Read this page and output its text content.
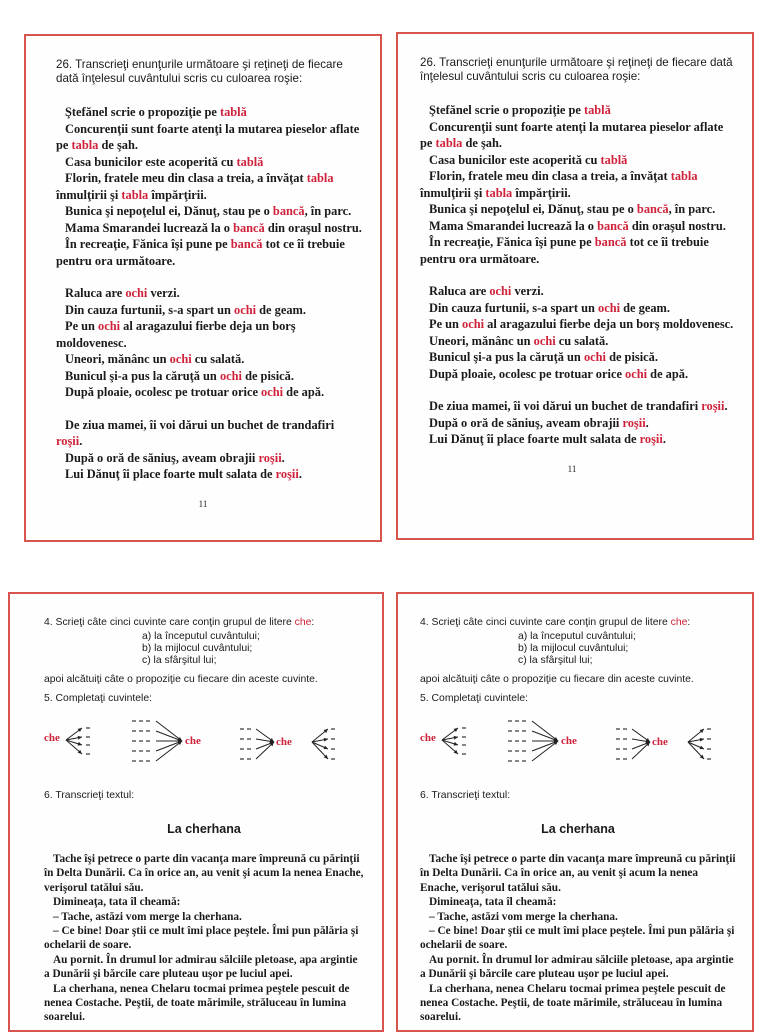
26. Transcrieţi enunţurile următoare şi reţineţi de fiecare dată înţelesul cuvântului scris cu culoarea roşie:

Ştefănel scrie o propoziţie pe tablă

Concurenţii sunt foarte atenţi la mutarea pieselor aflate pe tabla de şah.

Casa bunicilor este acoperită cu tablă

Florin, fratele meu din clasa a treia, a învăţat tabla înmulţirii şi tabla împărţirii.

Bunica şi nepoţelul ei, Dănuţ, stau pe o bancă, în parc.

Mama Smarandei lucrează la o bancă din oraşul nostru.

În recreaţie, Fănica îşi pune pe bancă tot ce îi trebuie pentru ora următoare.

Raluca are ochi verzi.

Din cauza furtunii, s-a spart un ochi de geam.

Pe un ochi al aragazului fierbe deja un borş moldovenesc.

Uneori, mănânc un ochi cu salată.

Bunicul şi-a pus la căruţă un ochi de pisică.

După ploaie, ocolesc pe trotuar orice ochi de apă.

De ziua mamei, îi voi dărui un buchet de trandafiri roşii.

După o oră de săniuş, aveam obrajii roşii.

Lui Dănuţ îi place foarte mult salata de roşii.

11

26. Transcrieţi enunţurile următoare şi reţineţi de fiecare dată înţelesul cuvântului scris cu culoarea roşie:

Ştefănel scrie o propoziţie pe tablă

Concurenţii sunt foarte atenţi la mutarea pieselor aflate pe tabla de şah.

Casa bunicilor este acoperită cu tablă

Florin, fratele meu din clasa a treia, a învăţat tabla înmulţirii şi tabla împărţirii.

Bunica şi nepoţelul ei, Dănuţ, stau pe o bancă, în parc.

Mama Smarandei lucrează la o bancă din oraşul nostru.

În recreaţie, Fănica îşi pune pe bancă tot ce îi trebuie pentru ora următoare.

Raluca are ochi verzi.

Din cauza furtunii, s-a spart un ochi de geam.

Pe un ochi al aragazului fierbe deja un borş moldovenesc.

Uneori, mănânc un ochi cu salată.

Bunicul şi-a pus la căruţă un ochi de pisică.

După ploaie, ocolesc pe trotuar orice ochi de apă.

De ziua mamei, îi voi dărui un buchet de trandafiri roşii.

După o oră de săniuş, aveam obrajii roşii.

Lui Dănuţ îi place foarte mult salata de roşii.

11

4. Scrieţi câte cinci cuvinte care conţin grupul de litere che:

a) la începutul cuvântului;
b) la mijlocul cuvântului;
c) la sfârşitul lui;

apoi alcătuiţi câte o propoziţie cu fiecare din aceste cuvinte.

5. Completaţi cuvintele:

che	che	che

6. Transcrieţi textul:

La cherhana

Tache îşi petrece o parte din vacanţa mare împreună cu părinţii în Delta Dunării. Ca în orice an, au venit şi acum la nenea Enache, verişorul tatălui său.

Dimineaţa, tata îl cheamă:

– Tache, astăzi vom merge la cherhana.

– Ce bine! Doar ştii ce mult îmi place peştele. Îmi pun pălăria şi ochelarii de soare.

Au pornit. În drumul lor admirau sălciile pletoase, apa argintie a Dunării şi bărcile care pluteau uşor pe luciul apei.

La cherhana, nenea Chelaru tocmai primea peştele pescuit de nenea Costache. Peştii, de toate mărimile, străluceau în lumina soarelui.

4. Scrieţi câte cinci cuvinte care conţin grupul de litere che:

a) la începutul cuvântului;
b) la mijlocul cuvântului;
c) la sfârşitul lui;

apoi alcătuiţi câte o propoziţie cu fiecare din aceste cuvinte.

5. Completaţi cuvintele:

che	che	che

6. Transcrieţi textul:

La cherhana

Tache îşi petrece o parte din vacanţa mare împreună cu părinţii în Delta Dunării. Ca în orice an, au venit şi acum la nenea Enache, verişorul tatălui său.

Dimineaţa, tata îl cheamă:

– Tache, astăzi vom merge la cherhana.

– Ce bine! Doar ştii ce mult îmi place peştele. Îmi pun pălăria şi ochelarii de soare.

Au pornit. În drumul lor admirau sălciile pletoase, apa argintie a Dunării şi bărcile care pluteau uşor pe luciul apei.

La cherhana, nenea Chelaru tocmai primea peştele pescuit de nenea Costache. Peştii, de toate mărimile, străluceau în lumina soarelui.
